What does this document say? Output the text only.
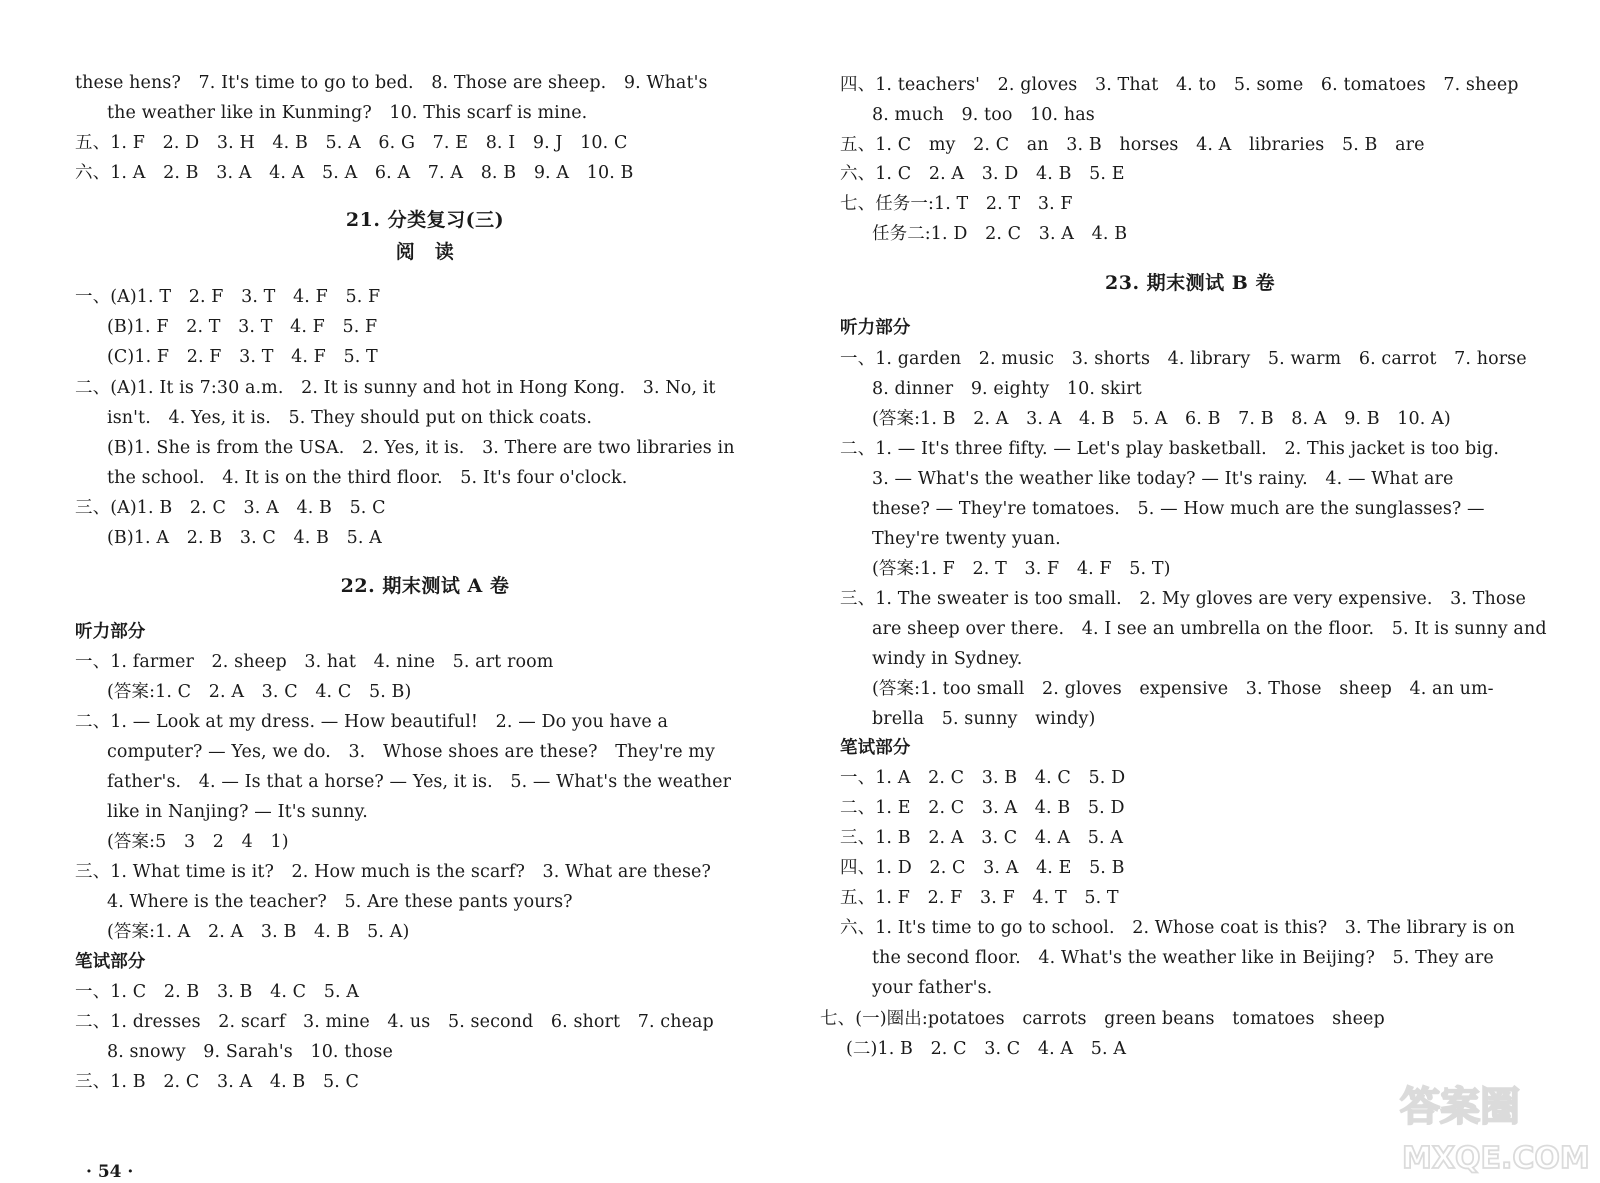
these hens?　7. It's time to go to bed.　8. Those are sheep.　9. What's
the weather like in Kunming?　10. This scarf is mine.
五、1. F　2. D　3. H　4. B　5. A　6. G　7. E　8. I　9. J　10. C
六、1. A　2. B　3. A　4. A　5. A　6. A　7. A　8. B　9. A　10. B
21. 分类复习(三)
阅　读
一、(A)1. T　2. F　3. T　4. F　5. F
(B)1. F　2. T　3. T　4. F　5. F
(C)1. F　2. F　3. T　4. F　5. T
二、(A)1. It is 7:30 a.m.　2. It is sunny and hot in Hong Kong.　3. No, it
isn't.　4. Yes, it is.　5. They should put on thick coats.
(B)1. She is from the USA.　2. Yes, it is.　3. There are two libraries in
the school.　4. It is on the third floor.　5. It's four o'clock.
三、(A)1. B　2. C　3. A　4. B　5. C
(B)1. A　2. B　3. C　4. B　5. A
22. 期末测试 A 卷
听力部分
一、1. farmer　2. sheep　3. hat　4. nine　5. art room
(答案:1. C　2. A　3. C　4. C　5. B)
二、1. — Look at my dress. — How beautiful!　2. — Do you have a
computer? — Yes, we do.　3.　Whose shoes are these?　They're my
father's.　4. — Is that a horse? — Yes, it is.　5. — What's the weather
like in Nanjing? — It's sunny.
(答案:5　3　2　4　1)
三、1. What time is it?　2. How much is the scarf?　3. What are these?
4. Where is the teacher?　5. Are these pants yours?
(答案:1. A　2. A　3. B　4. B　5. A)
笔试部分
一、1. C　2. B　3. B　4. C　5. A
二、1. dresses　2. scarf　3. mine　4. us　5. second　6. short　7. cheap
8. snowy　9. Sarah's　10. those
三、1. B　2. C　3. A　4. B　5. C
· 54 ·
四、1. teachers'　2. gloves　3. That　4. to　5. some　6. tomatoes　7. sheep
8. much　9. too　10. has
五、1. C　my　2. C　an　3. B　horses　4. A　libraries　5. B　are
六、1. C　2. A　3. D　4. B　5. E
七、任务一:1. T　2. T　3. F
任务二:1. D　2. C　3. A　4. B
23. 期末测试 B 卷
听力部分
一、1. garden　2. music　3. shorts　4. library　5. warm　6. carrot　7. horse
8. dinner　9. eighty　10. skirt
(答案:1. B　2. A　3. A　4. B　5. A　6. B　7. B　8. A　9. B　10. A)
二、1. — It's three fifty. — Let's play basketball.　2. This jacket is too big.
3. — What's the weather like today? — It's rainy.　4. — What are
these? — They're tomatoes.　5. — How much are the sunglasses? —
They're twenty yuan.
(答案:1. F　2. T　3. F　4. F　5. T)
三、1. The sweater is too small.　2. My gloves are very expensive.　3. Those
are sheep over there.　4. I see an umbrella on the floor.　5. It is sunny and
windy in Sydney.
(答案:1. too small　2. gloves　expensive　3. Those　sheep　4. an um-
brella　5. sunny　windy)
笔试部分
一、1. A　2. C　3. B　4. C　5. D
二、1. E　2. C　3. A　4. B　5. D
三、1. B　2. A　3. C　4. A　5. A
四、1. D　2. C　3. A　4. E　5. B
五、1. F　2. F　3. F　4. T　5. T
六、1. It's time to go to school.　2. Whose coat is this?　3. The library is on
the second floor.　4. What's the weather like in Beijing?　5. They are
your father's.
七、(一)圈出:potatoes　carrots　green beans　tomatoes　sheep
(二)1. B　2. C　3. C　4. A　5. A
答案圈
MXQE.COM
